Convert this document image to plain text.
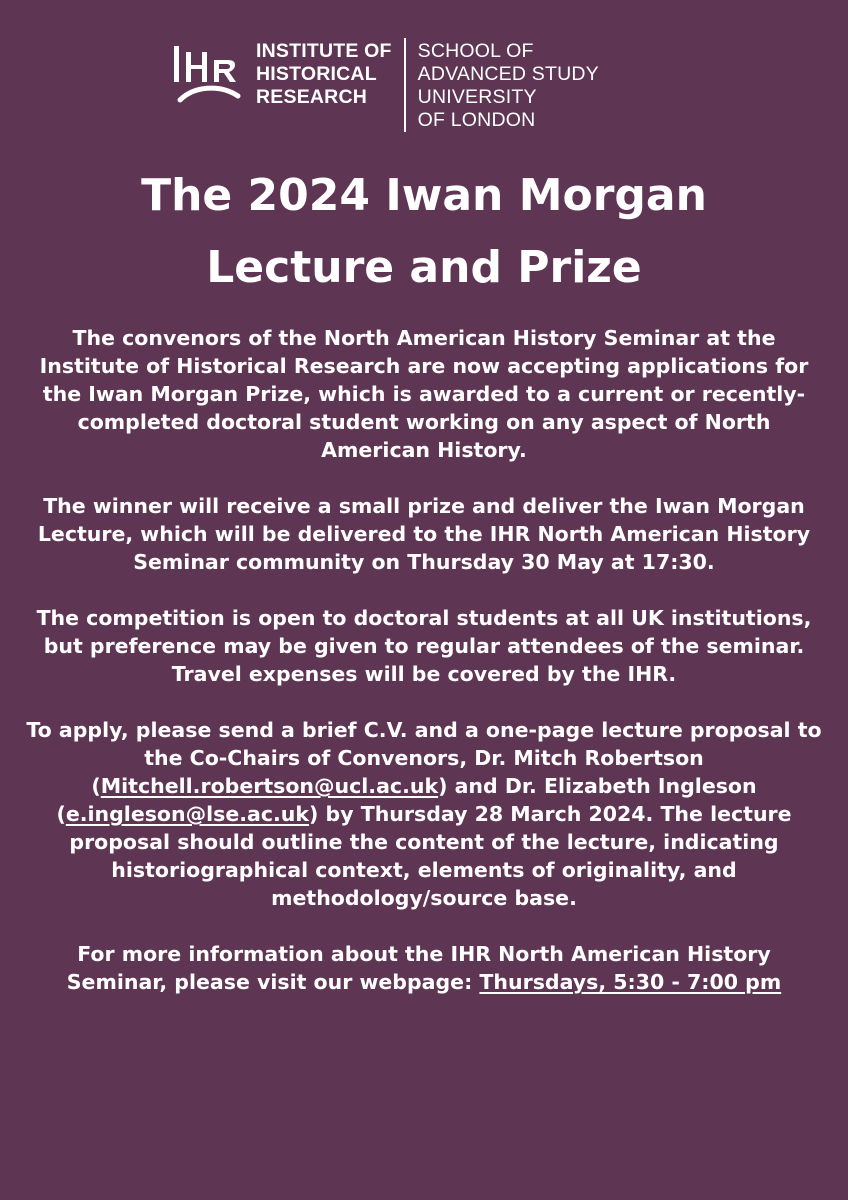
INSTITUTE OF
HISTORICAL
RESEARCH
SCHOOL OF
ADVANCED STUDY
UNIVERSITY
OF LONDON
The 2024 Iwan Morgan
Lecture and Prize

The convenors of the North American History Seminar at the Institute of Historical Research are now accepting applications for the Iwan Morgan Prize, which is awarded to a current or recently-completed doctoral student working on any aspect of North American History.

The winner will receive a small prize and deliver the Iwan Morgan Lecture, which will be delivered to the IHR North American History Seminar community on Thursday 30 May at 17:30.

The competition is open to doctoral students at all UK institutions, but preference may be given to regular attendees of the seminar. Travel expenses will be covered by the IHR.

To apply, please send a brief C.V. and a one-page lecture proposal to the Co-Chairs of Convenors, Dr. Mitch Robertson (Mitchell.robertson@ucl.ac.uk) and Dr. Elizabeth Ingleson (e.ingleson@lse.ac.uk) by Thursday 28 March 2024. The lecture proposal should outline the content of the lecture, indicating historiographical context, elements of originality, and methodology/source base.

For more information about the IHR North American History Seminar, please visit our webpage: Thursdays, 5:30 - 7:00 pm
